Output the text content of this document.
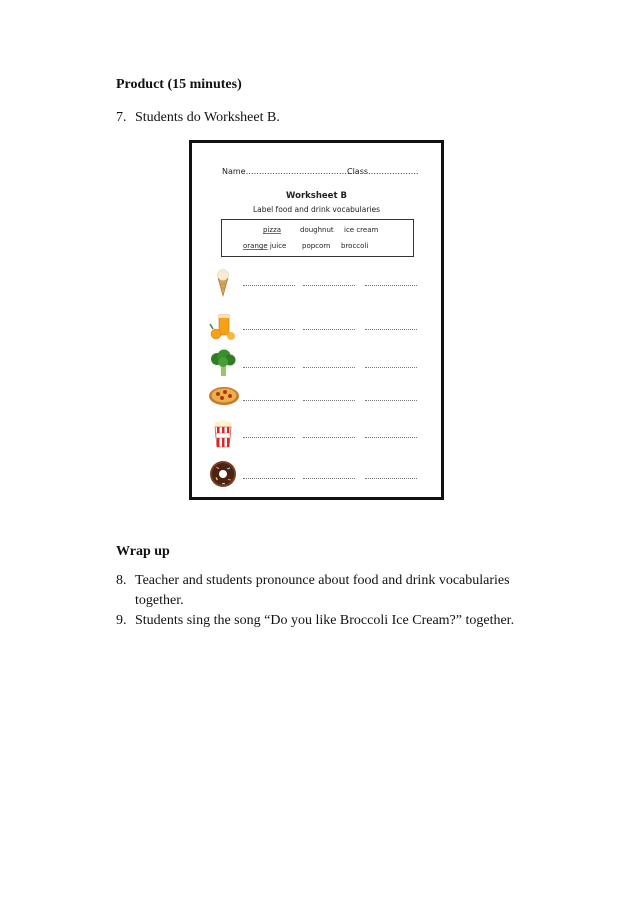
Product (15 minutes)
7. Students do Worksheet B.
Name……………………………………
Class……………….
Worksheet B
Label food and drink vocabularies
pizza	doughnut ice cream
orange juice popcorn broccoli
Wrap up
8. Teacher and students pronounce about food and drink vocabularies
together.
9. Students sing the song “Do you like Broccoli Ice Cream?” together.
